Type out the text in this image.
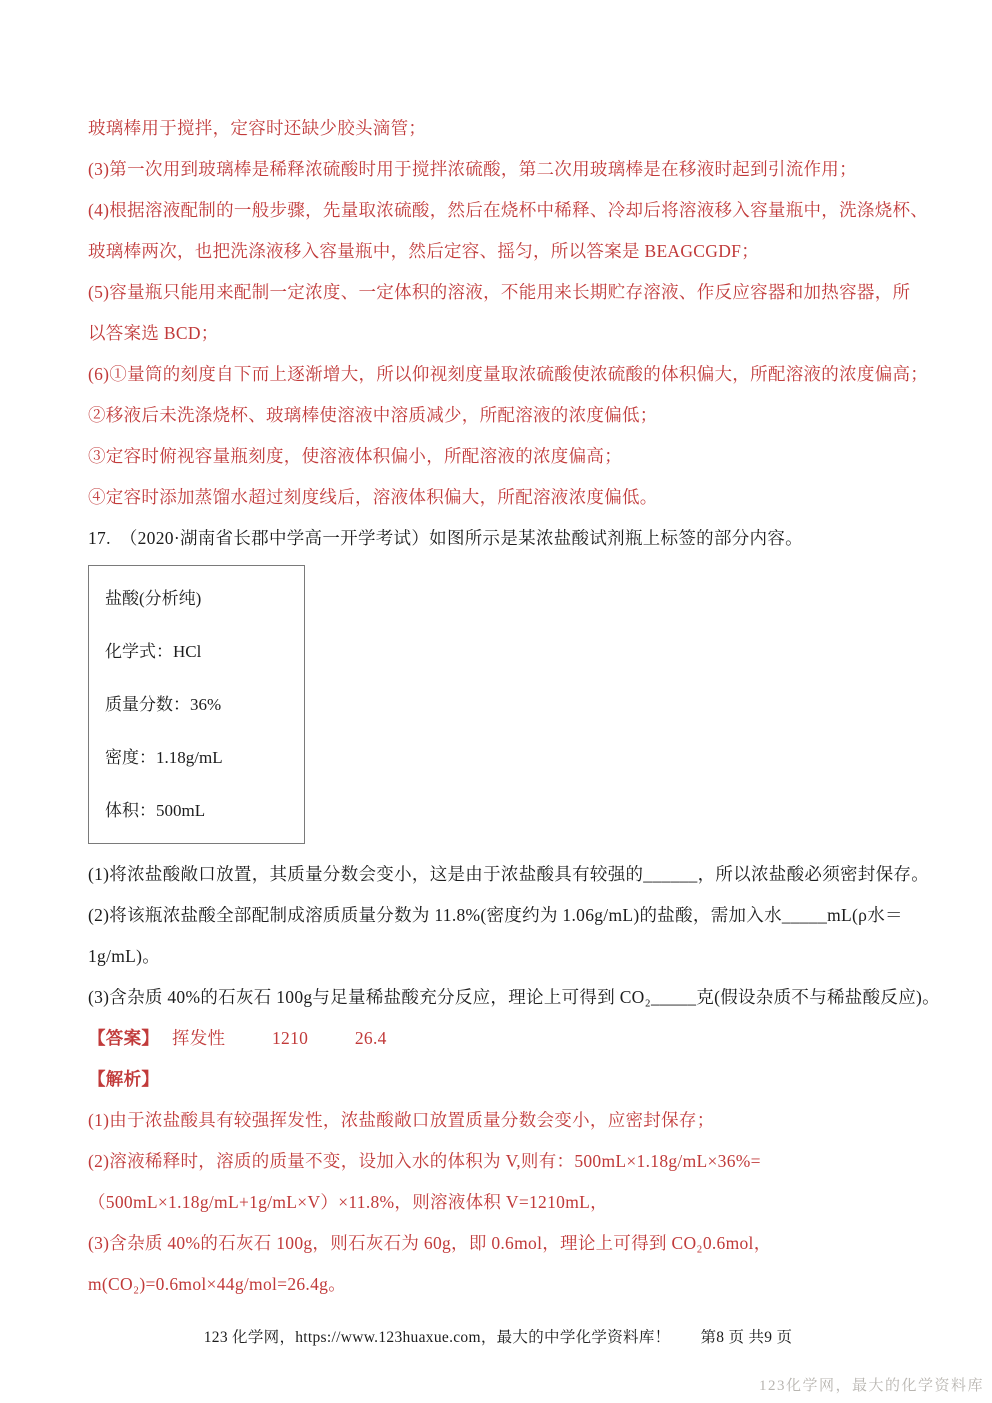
玻璃棒用于搅拌，定容时还缺少胶头滴管；

(3)第一次用到玻璃棒是稀释浓硫酸时用于搅拌浓硫酸，第二次用玻璃棒是在移液时起到引流作用；

(4)根据溶液配制的一般步骤，先量取浓硫酸，然后在烧杯中稀释、冷却后将溶液移入容量瓶中，洗涤烧杯、

玻璃棒两次，也把洗涤液移入容量瓶中，然后定容、摇匀，所以答案是 BEAGCGDF；

(5)容量瓶只能用来配制一定浓度、一定体积的溶液，不能用来长期贮存溶液、作反应容器和加热容器，所

以答案选 BCD；

(6)①量筒的刻度自下而上逐渐增大，所以仰视刻度量取浓硫酸使浓硫酸的体积偏大，所配溶液的浓度偏高；

②移液后未洗涤烧杯、玻璃棒使溶液中溶质减少，所配溶液的浓度偏低；

③定容时俯视容量瓶刻度，使溶液体积偏小，所配溶液的浓度偏高；

④定容时添加蒸馏水超过刻度线后，溶液体积偏大，所配溶液浓度偏低。

17.　（2020·湖南省长郡中学高一开学考试）如图所示是某浓盐酸试剂瓶上标签的部分内容。

盐酸(分析纯)

化学式：HCl

质量分数：36%

密度：1.18g/mL

体积：500mL

(1)将浓盐酸敞口放置，其质量分数会变小，这是由于浓盐酸具有较强的______，所以浓盐酸必须密封保存。

(2)将该瓶浓盐酸全部配制成溶质质量分数为 11.8%(密度约为 1.06g/mL)的盐酸，需加入水_____mL(ρ水＝

1g/mL)。

(3)含杂质 40%的石灰石 100g与足量稀盐酸充分反应，理论上可得到 CO₂_____克(假设杂质不与稀盐酸反应)。

【答案】 挥发性	1210	26.4

【解析】

(1)由于浓盐酸具有较强挥发性，浓盐酸敞口放置质量分数会变小，应密封保存；

(2)溶液稀释时，溶质的质量不变，设加入水的体积为 V,则有：500mL×1.18g/mL×36%=

（500mL×1.18g/mL+1g/mL×V）×11.8%，则溶液体积 V=1210mL，

(3)含杂质 40%的石灰石 100g，则石灰石为 60g，即 0.6mol，理论上可得到 CO₂0.6mol，

m(CO₂)=0.6mol×44g/mol=26.4g。

123 化学网，https://www.123huaxue.com，最大的中学化学资料库！ 第8 页 共9 页

123化学网，最大的化学资料库
